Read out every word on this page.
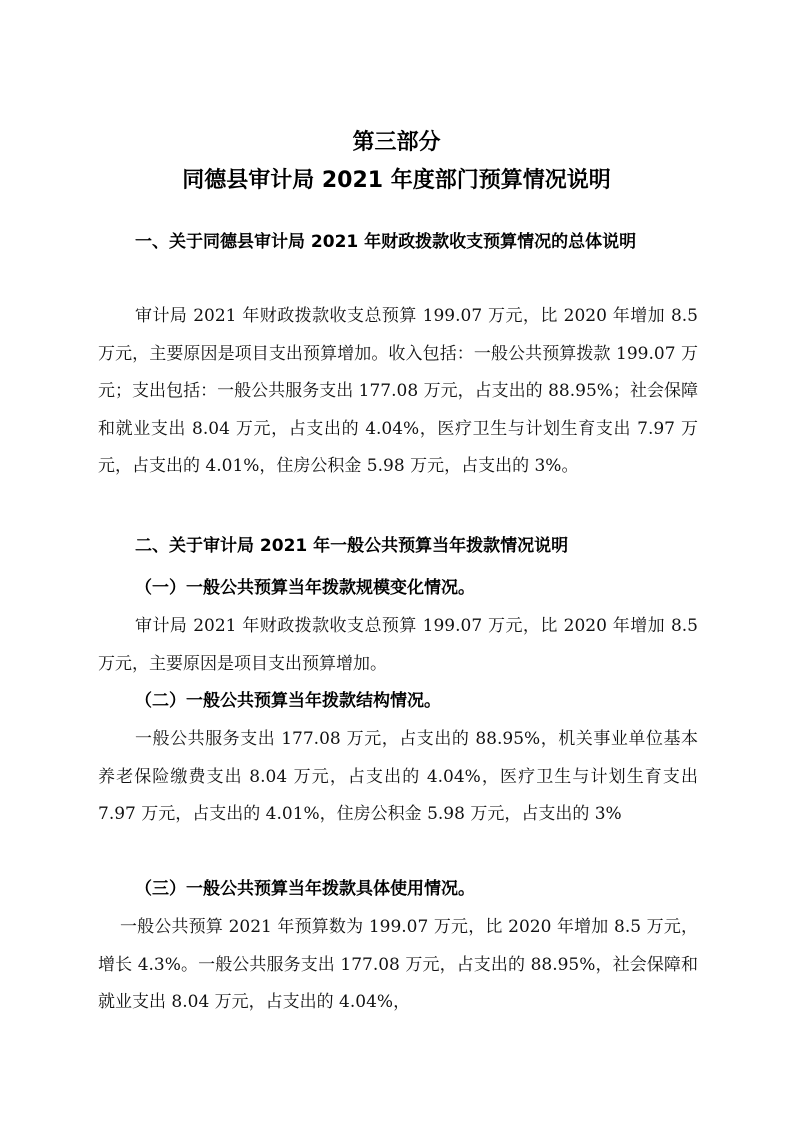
第三部分
同德县审计局 2021 年度部门预算情况说明

一、关于同德县审计局 2021 年财政拨款收支预算情况的总体说明

审计局 2021 年财政拨款收支总预算 199.07 万元，比 2020 年增加 8.5 万元，主要原因是项目支出预算增加。收入包括：一般公共预算拨款 199.07 万元；支出包括：一般公共服务支出 177.08 万元，占支出的 88.95%；社会保障和就业支出 8.04 万元，占支出的 4.04%，医疗卫生与计划生育支出 7.97 万元，占支出的 4.01%，住房公积金 5.98 万元，占支出的 3%。

二、关于审计局 2021 年一般公共预算当年拨款情况说明

（一）一般公共预算当年拨款规模变化情况。

审计局 2021 年财政拨款收支总预算 199.07 万元，比 2020 年增加 8.5 万元，主要原因是项目支出预算增加。

（二）一般公共预算当年拨款结构情况。

一般公共服务支出 177.08 万元，占支出的 88.95%，机关事业单位基本养老保险缴费支出 8.04 万元，占支出的 4.04%，医疗卫生与计划生育支出 7.97 万元，占支出的 4.01%，住房公积金 5.98 万元，占支出的 3%

（三）一般公共预算当年拨款具体使用情况。

一般公共预算 2021 年预算数为 199.07 万元，比 2020 年增加 8.5 万元，增长 4.3%。一般公共服务支出 177.08 万元，占支出的 88.95%，社会保障和就业支出 8.04 万元，占支出的 4.04%，
